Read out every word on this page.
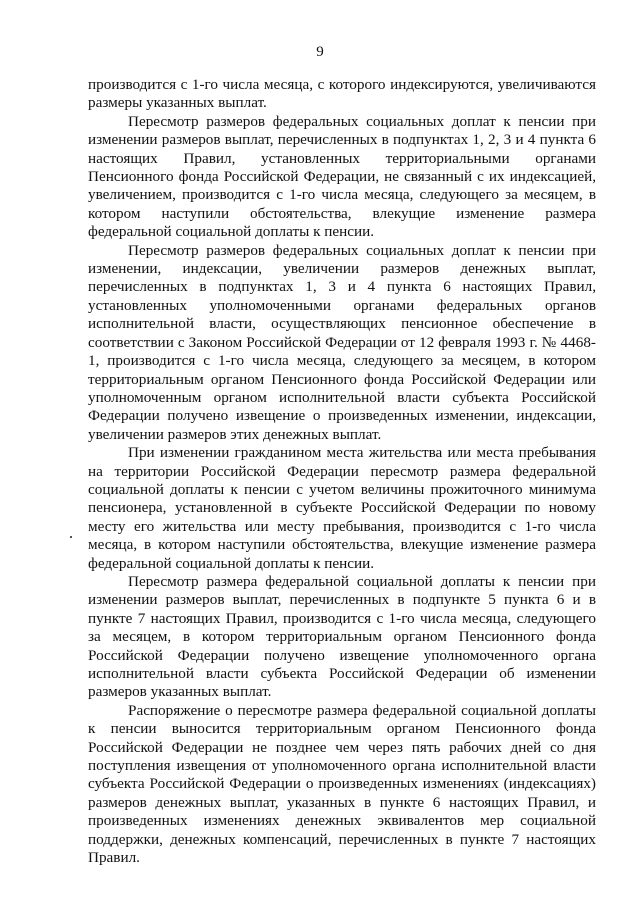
9

производится с 1-го числа месяца, с которого индексируются, увеличиваются размеры указанных выплат.

Пересмотр размеров федеральных социальных доплат к пенсии при изменении размеров выплат, перечисленных в подпунктах 1, 2, 3 и 4 пункта 6 настоящих Правил, установленных территориальными органами Пенсионного фонда Российской Федерации, не связанный с их индексацией, увеличением, производится с 1-го числа месяца, следующего за месяцем, в котором наступили обстоятельства, влекущие изменение размера федеральной социальной доплаты к пенсии.

Пересмотр размеров федеральных социальных доплат к пенсии при изменении, индексации, увеличении размеров денежных выплат, перечисленных в подпунктах 1, 3 и 4 пункта 6 настоящих Правил, установленных уполномоченными органами федеральных органов исполнительной власти, осуществляющих пенсионное обеспечение в соответствии с Законом Российской Федерации от 12 февраля 1993 г. № 4468-1, производится с 1-го числа месяца, следующего за месяцем, в котором территориальным органом Пенсионного фонда Российской Федерации или уполномоченным органом исполнительной власти субъекта Российской Федерации получено извещение о произведенных изменении, индексации, увеличении размеров этих денежных выплат.

При изменении гражданином места жительства или места пребывания на территории Российской Федерации пересмотр размера федеральной социальной доплаты к пенсии с учетом величины прожиточного минимума пенсионера, установленной в субъекте Российской Федерации по новому месту его жительства или месту пребывания, производится с 1-го числа месяца, в котором наступили обстоятельства, влекущие изменение размера федеральной социальной доплаты к пенсии.

Пересмотр размера федеральной социальной доплаты к пенсии при изменении размеров выплат, перечисленных в подпункте 5 пункта 6 и в пункте 7 настоящих Правил, производится с 1-го числа месяца, следующего за месяцем, в котором территориальным органом Пенсионного фонда Российской Федерации получено извещение уполномоченного органа исполнительной власти субъекта Российской Федерации об изменении размеров указанных выплат.

Распоряжение о пересмотре размера федеральной социальной доплаты к пенсии выносится территориальным органом Пенсионного фонда Российской Федерации не позднее чем через пять рабочих дней со дня поступления извещения от уполномоченного органа исполнительной власти субъекта Российской Федерации о произведенных изменениях (индексациях) размеров денежных выплат, указанных в пункте 6 настоящих Правил, и произведенных изменениях денежных эквивалентов мер социальной поддержки, денежных компенсаций, перечисленных в пункте 7 настоящих Правил.
